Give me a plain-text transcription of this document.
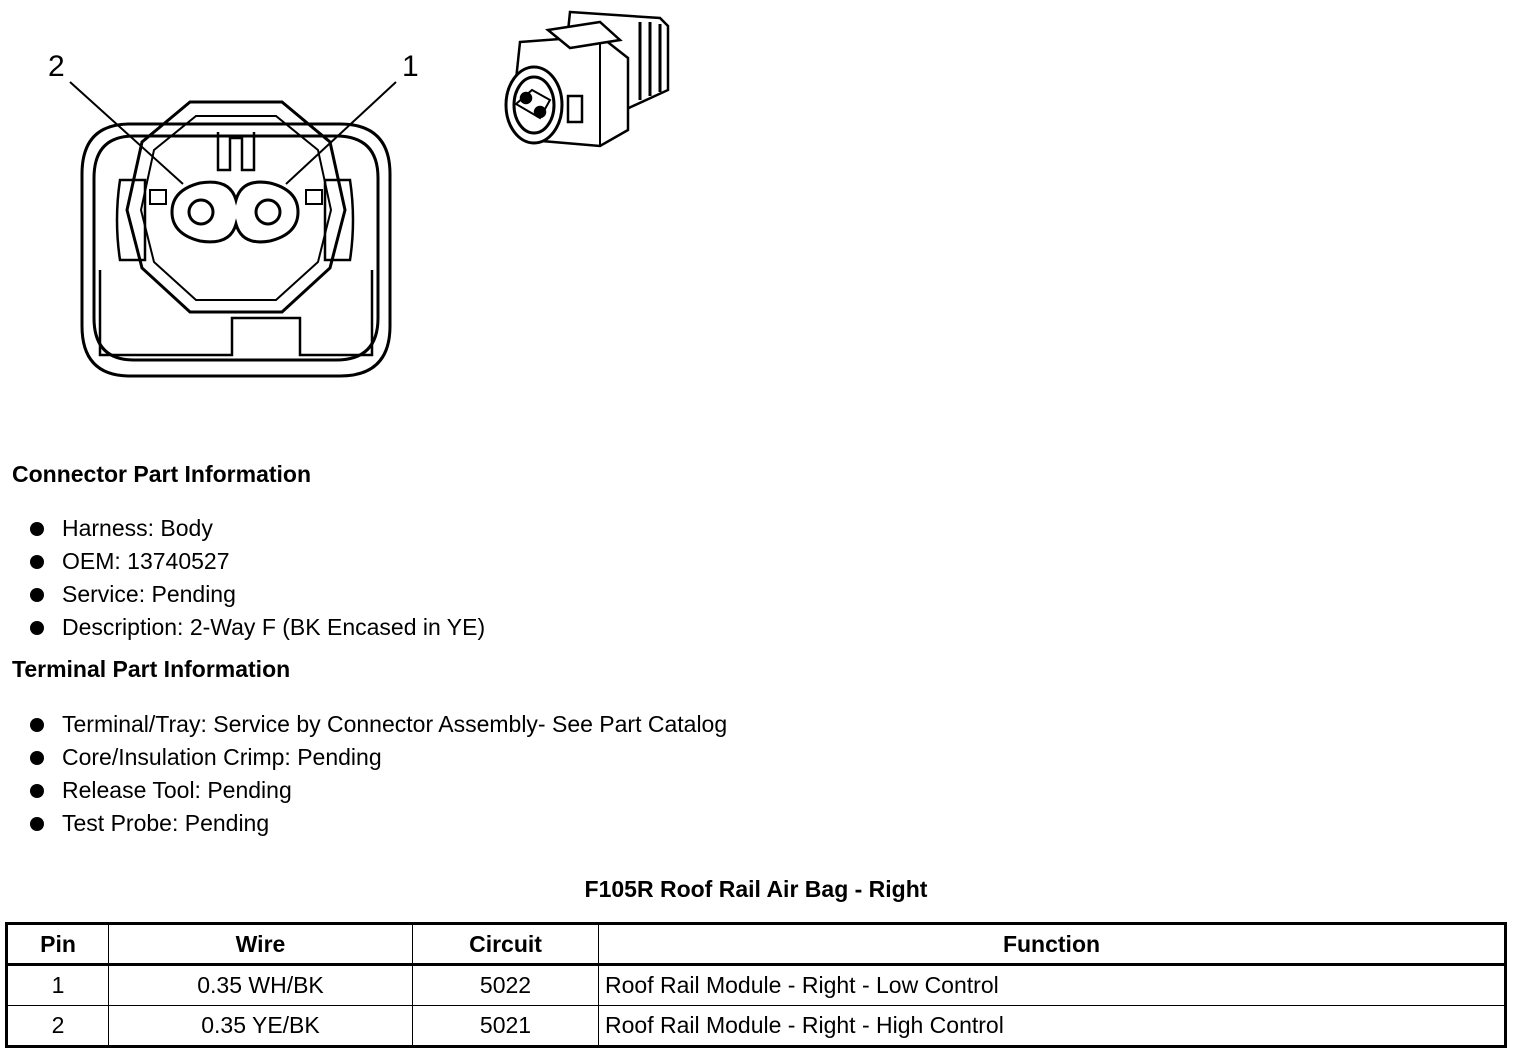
2	1
Connector Part Information
Harness: Body
OEM: 13740527
Service: Pending
Description: 2-Way F (BK Encased in YE)
Terminal Part Information
Terminal/Tray: Service by Connector Assembly- See Part Catalog
Core/Insulation Crimp: Pending
Release Tool: Pending
Test Probe: Pending
F105R Roof Rail Air Bag - Right
Pin	Wire	Circuit	Function
1	0.35 WH/BK	5022	Roof Rail Module - Right - Low Control
2	0.35 YE/BK	5021	Roof Rail Module - Right - High Control
